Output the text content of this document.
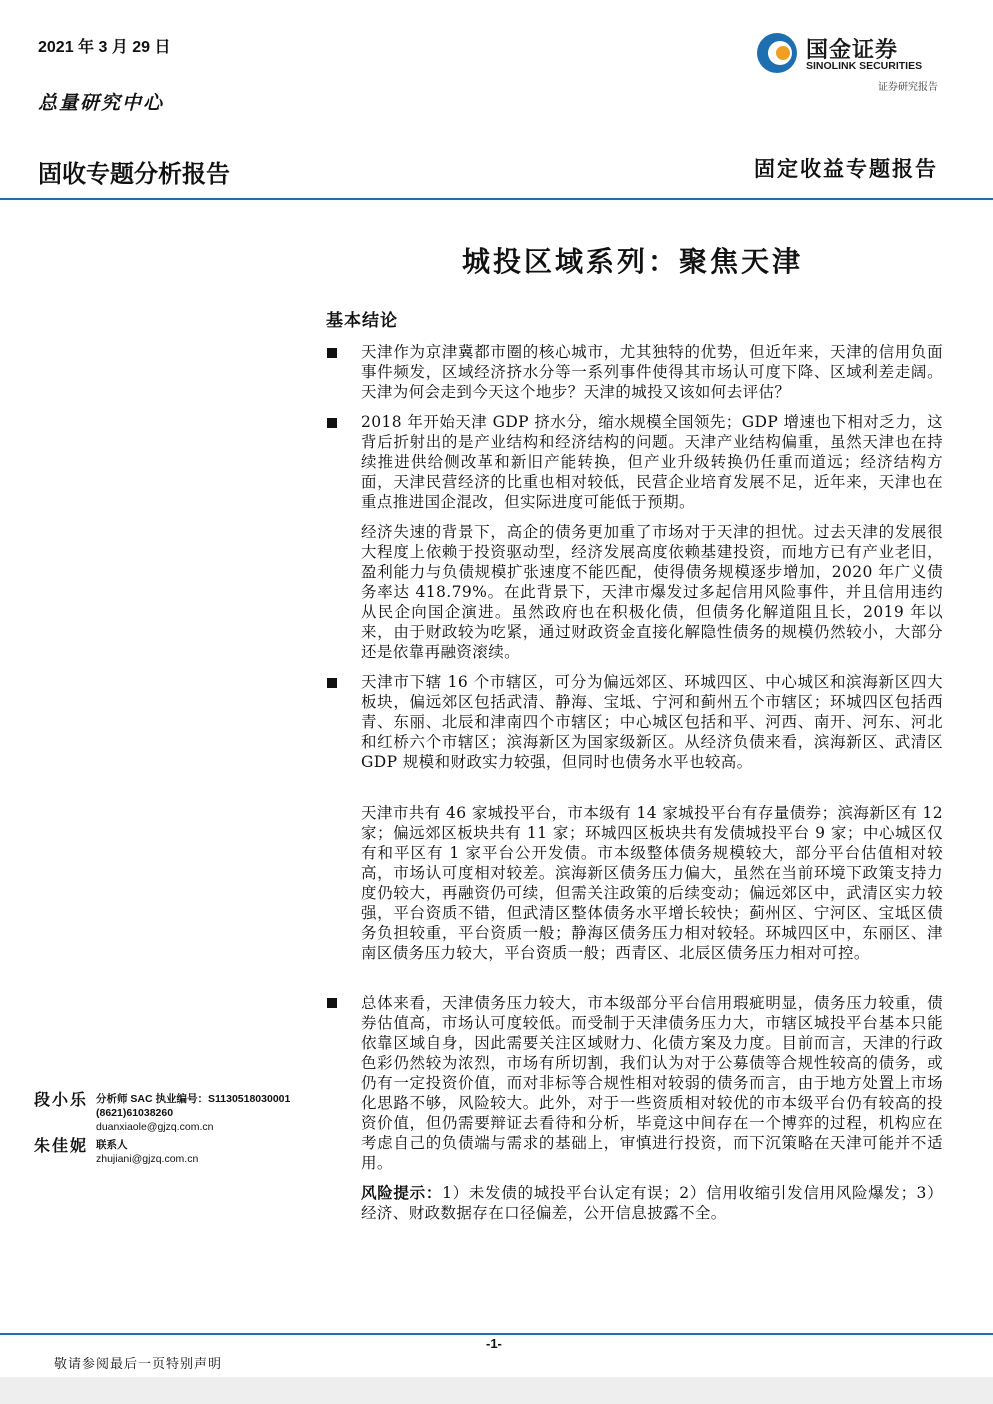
2021 年 3 月 29 日
总量研究中心
固收专题分析报告	固定收益专题报告
国金证券
SINOLINK SECURITIES
证券研究报告
城投区域系列：聚焦天津
基本结论
天津作为京津冀都市圈的核心城市，尤其独特的优势，但近年来，天津的信用负面事件频发，区域经济挤水分等一系列事件使得其市场认可度下降、区域利差走阔。天津为何会走到今天这个地步？天津的城投又该如何去评估？
2018 年开始天津 GDP 挤水分，缩水规模全国领先；GDP 增速也下相对乏力，这背后折射出的是产业结构和经济结构的问题。天津产业结构偏重，虽然天津也在持续推进供给侧改革和新旧产能转换，但产业升级转换仍任重而道远；经济结构方面，天津民营经济的比重也相对较低，民营企业培育发展不足，近年来，天津也在重点推进国企混改，但实际进度可能低于预期。
经济失速的背景下，高企的债务更加重了市场对于天津的担忧。过去天津的发展很大程度上依赖于投资驱动型，经济发展高度依赖基建投资，而地方已有产业老旧，盈利能力与负债规模扩张速度不能匹配，使得债务规模逐步增加，2020 年广义债务率达 418.79%。在此背景下，天津市爆发过多起信用风险事件，并且信用违约从民企向国企演进。虽然政府也在积极化债，但债务化解道阻且长，2019 年以来，由于财政较为吃紧，通过财政资金直接化解隐性债务的规模仍然较小，大部分还是依靠再融资滚续。
天津市下辖 16 个市辖区，可分为偏远郊区、环城四区、中心城区和滨海新区四大板块，偏远郊区包括武清、静海、宝坻、宁河和蓟州五个市辖区；环城四区包括西青、东丽、北辰和津南四个市辖区；中心城区包括和平、河西、南开、河东、河北和红桥六个市辖区；滨海新区为国家级新区。从经济负债来看，滨海新区、武清区 GDP 规模和财政实力较强，但同时也债务水平也较高。
天津市共有 46 家城投平台，市本级有 14 家城投平台有存量债券；滨海新区有 12 家；偏远郊区板块共有 11 家；环城四区板块共有发债城投平台 9 家；中心城区仅有和平区有 1 家平台公开发债。市本级整体债务规模较大，部分平台估值相对较高，市场认可度相对较差。滨海新区债务压力偏大，虽然在当前环境下政策支持力度仍较大，再融资仍可续，但需关注政策的后续变动；偏远郊区中，武清区实力较强，平台资质不错，但武清区整体债务水平增长较快；蓟州区、宁河区、宝坻区债务负担较重，平台资质一般；静海区债务压力相对较轻。环城四区中，东丽区、津南区债务压力较大，平台资质一般；西青区、北辰区债务压力相对可控。
总体来看，天津债务压力较大，市本级部分平台信用瑕疵明显，债务压力较重，债券估值高，市场认可度较低。而受制于天津债务压力大，市辖区城投平台基本只能依靠区域自身，因此需要关注区域财力、化债方案及力度。目前而言，天津的行政色彩仍然较为浓烈，市场有所切割，我们认为对于公募债等合规性较高的债务，或仍有一定投资价值，而对非标等合规性相对较弱的债务而言，由于地方处置上市场化思路不够，风险较大。此外，对于一些资质相对较优的市本级平台仍有较高的投资价值，但仍需要辩证去看待和分析，毕竟这中间存在一个博弈的过程，机构应在考虑自己的负债端与需求的基础上，审慎进行投资，而下沉策略在天津可能并不适用。
风险提示：1）未发债的城投平台认定有误；2）信用收缩引发信用风险爆发；3）经济、财政数据存在口径偏差，公开信息披露不全。
段小乐 分析师 SAC 执业编号：S1130518030001
(8621)61038260
duanxiaole@gjzq.com.cn
朱佳妮 联系人
zhujiani@gjzq.com.cn
-1-
敬请参阅最后一页特别声明
